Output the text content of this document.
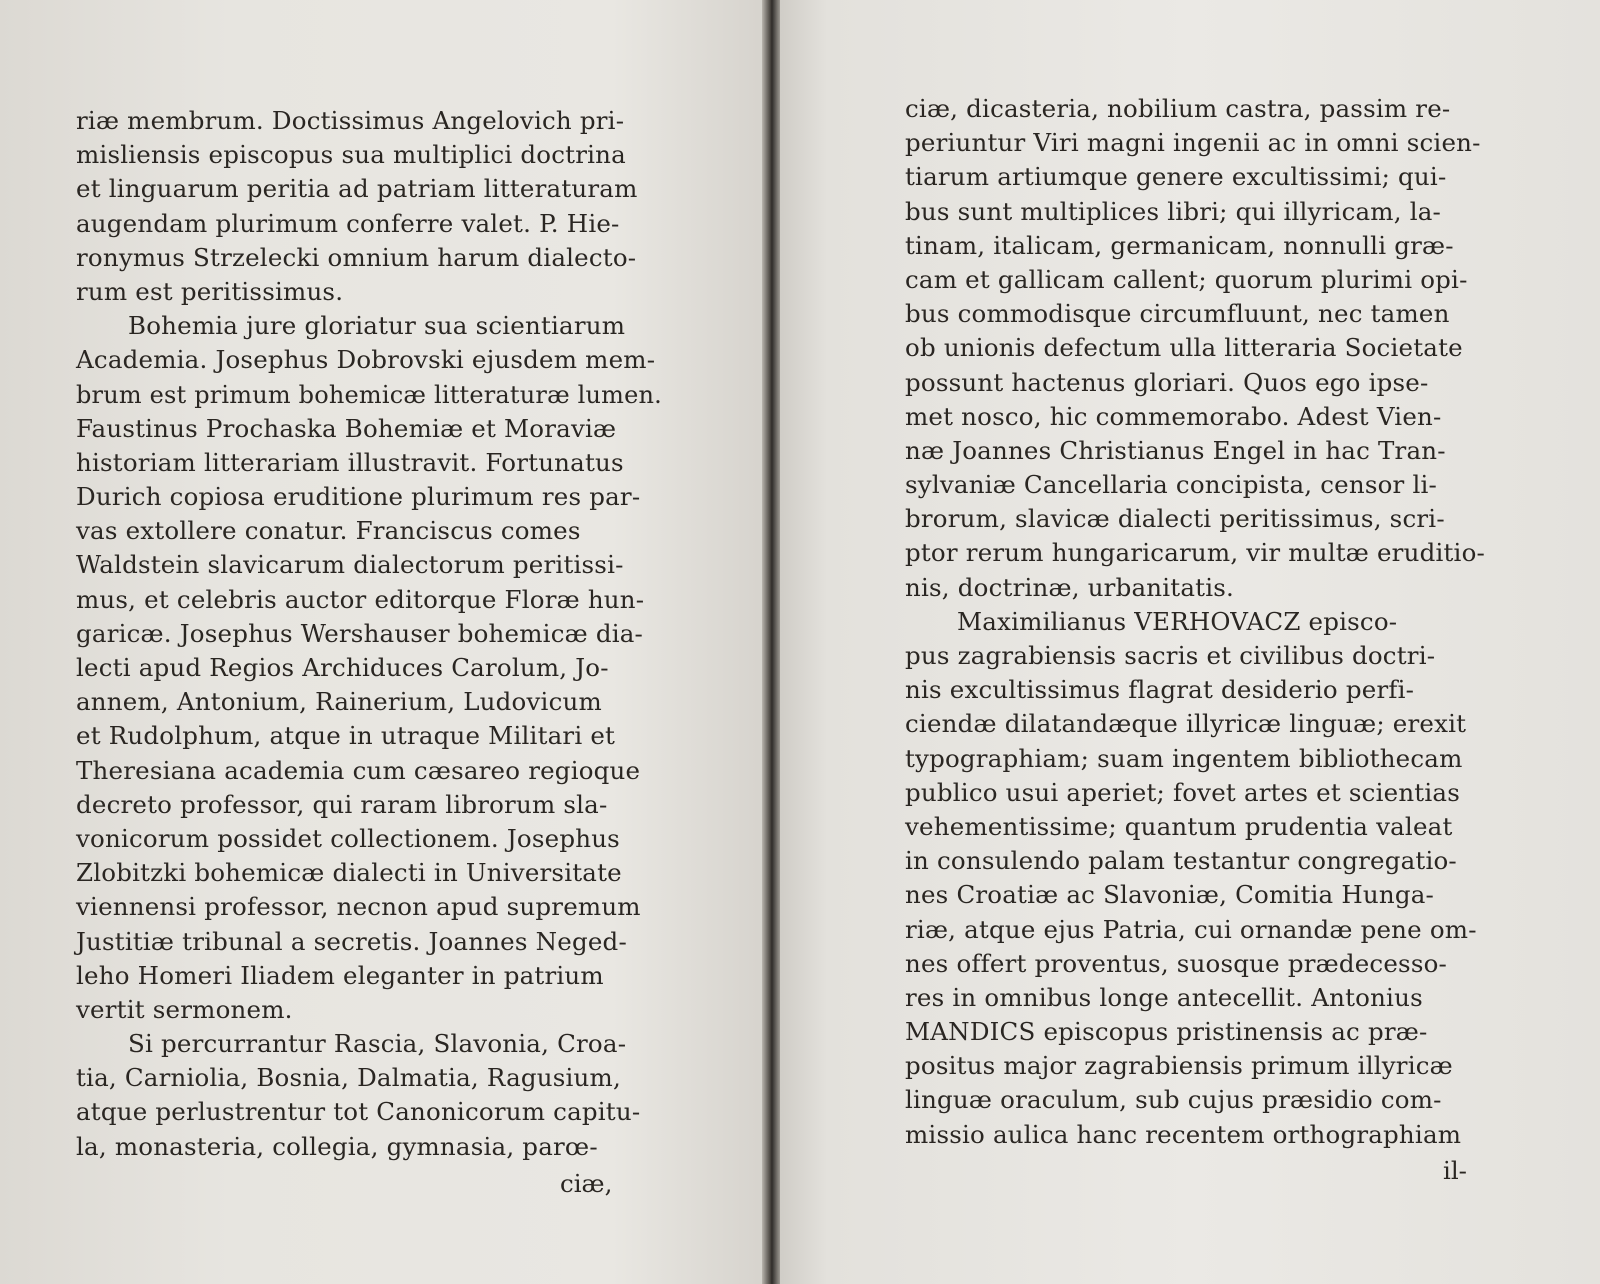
riæ membrum. Doctissimus Angelovich pri-
misliensis episcopus sua multiplici doctrina
et linguarum peritia ad patriam litteraturam
augendam plurimum conferre valet. P. Hie-
ronymus Strzelecki omnium harum dialecto-
rum est peritissimus.
Bohemia jure gloriatur sua scientiarum
Academia. Josephus Dobrovski ejusdem mem-
brum est primum bohemicæ litteraturæ lumen.
Faustinus Prochaska Bohemiæ et Moraviæ
historiam litterariam illustravit. Fortunatus
Durich copiosa eruditione plurimum res par-
vas extollere conatur. Franciscus comes
Waldstein slavicarum dialectorum peritissi-
mus, et celebris auctor editorque Floræ hun-
garicæ. Josephus Wershauser bohemicæ dia-
lecti apud Regios Archiduces Carolum, Jo-
annem, Antonium, Rainerium, Ludovicum
et Rudolphum, atque in utraque Militari et
Theresiana academia cum cæsareo regioque
decreto professor, qui raram librorum sla-
vonicorum possidet collectionem. Josephus
Zlobitzki bohemicæ dialecti in Universitate
viennensi professor, necnon apud supremum
Justitiæ tribunal a secretis. Joannes Neged-
leho Homeri Iliadem eleganter in patrium
vertit sermonem.
Si percurrantur Rascia, Slavonia, Croa-
tia, Carniolia, Bosnia, Dalmatia, Ragusium,
atque perlustrentur tot Canonicorum capitu-
la, monasteria, collegia, gymnasia, parœ-
ciæ,
ciæ, dicasteria, nobilium castra, passim re-
periuntur Viri magni ingenii ac in omni scien-
tiarum artiumque genere excultissimi; qui-
bus sunt multiplices libri; qui illyricam, la-
tinam, italicam, germanicam, nonnulli græ-
cam et gallicam callent; quorum plurimi opi-
bus commodisque circumfluunt, nec tamen
ob unionis defectum ulla litteraria Societate
possunt hactenus gloriari. Quos ego ipse-
met nosco, hic commemorabo. Adest Vien-
næ Joannes Christianus Engel in hac Tran-
sylvaniæ Cancellaria concipista, censor li-
brorum, slavicæ dialecti peritissimus, scri-
ptor rerum hungaricarum, vir multæ eruditio-
nis, doctrinæ, urbanitatis.
Maximilianus VERHOVACZ episco-
pus zagrabiensis sacris et civilibus doctri-
nis excultissimus flagrat desiderio perfi-
ciendæ dilatandæque illyricæ linguæ; erexit
typographiam; suam ingentem bibliothecam
publico usui aperiet; fovet artes et scientias
vehementissime; quantum prudentia valeat
in consulendo palam testantur congregatio-
nes Croatiæ ac Slavoniæ, Comitia Hunga-
riæ, atque ejus Patria, cui ornandæ pene om-
nes offert proventus, suosque prædecesso-
res in omnibus longe antecellit. Antonius
MANDICS episcopus pristinensis ac præ-
positus major zagrabiensis primum illyricæ
linguæ oraculum, sub cujus præsidio com-
missio aulica hanc recentem orthographiam
il-
